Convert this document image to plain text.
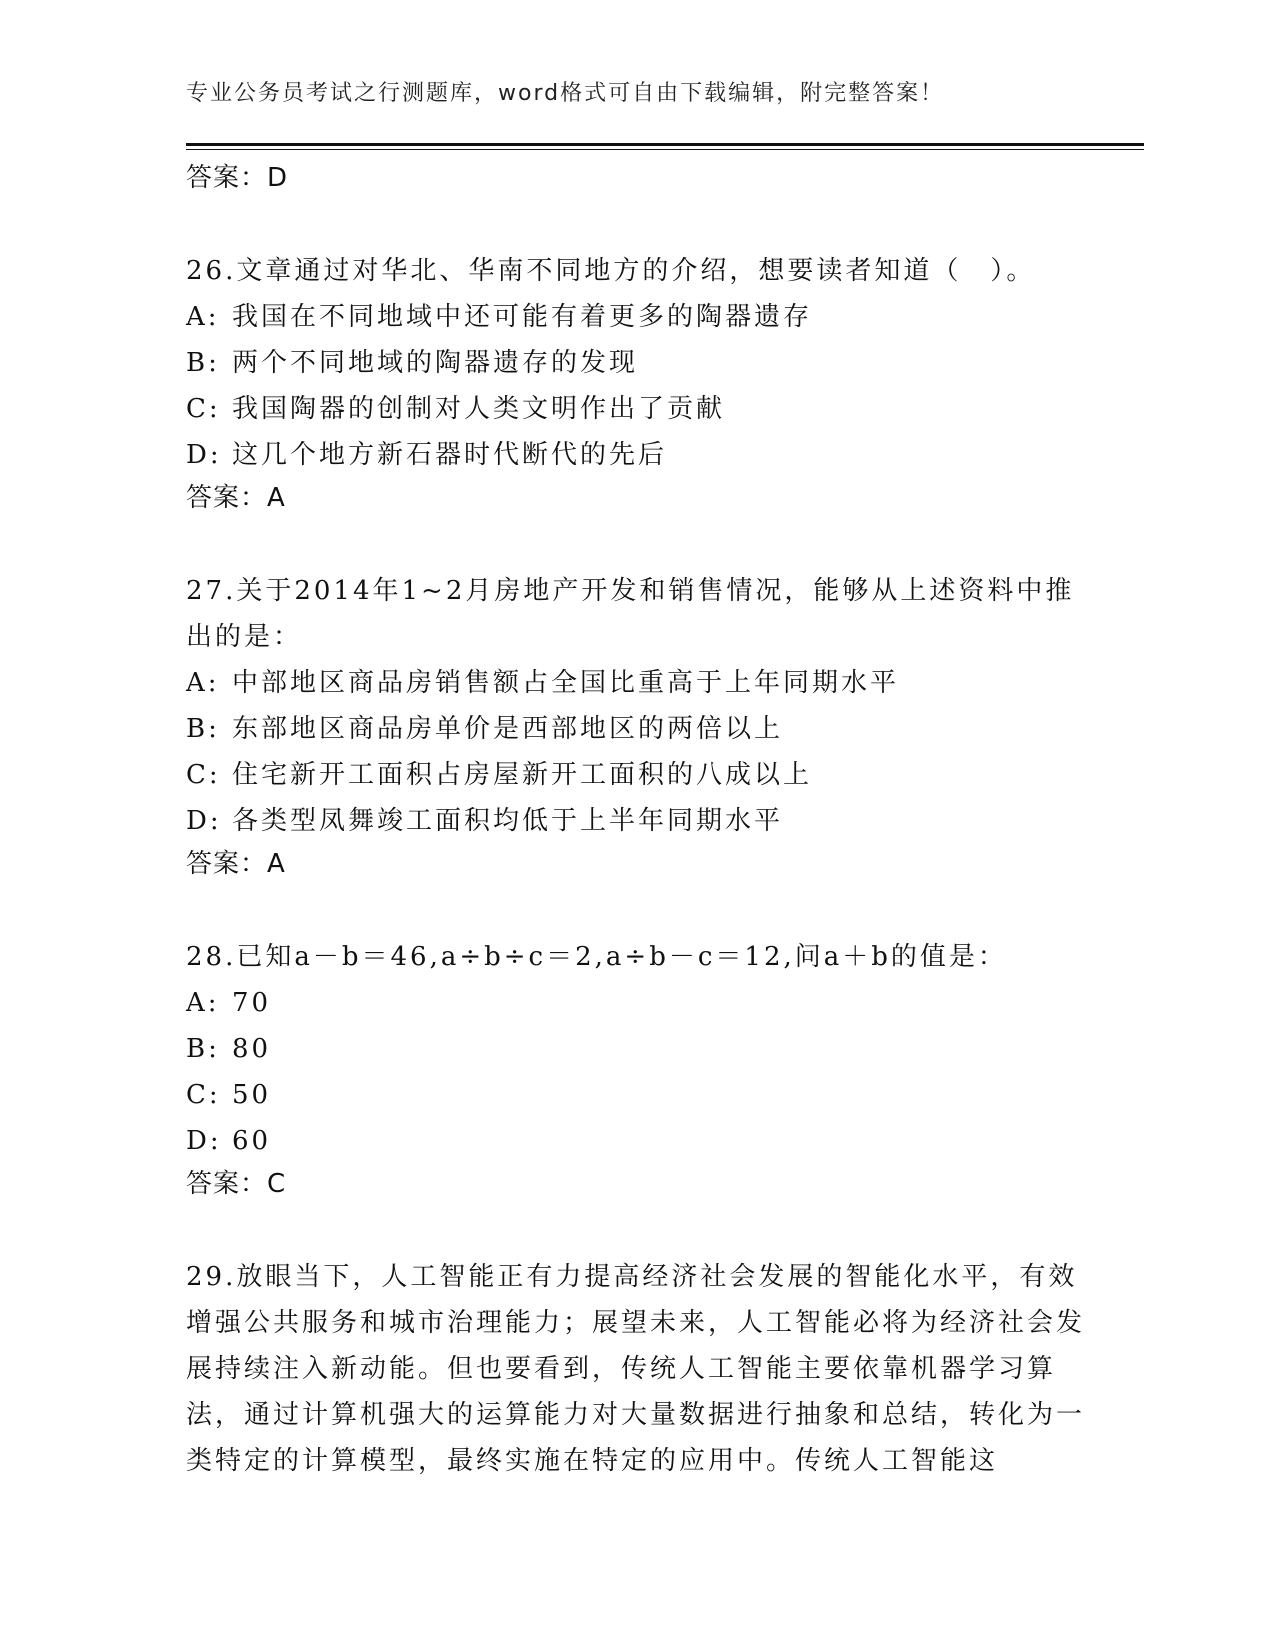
专业公务员考试之行测题库，word格式可自由下载编辑，附完整答案！
答案：D
26.文章通过对华北、华南不同地方的介绍，想要读者知道（　）。
A: 我国在不同地域中还可能有着更多的陶器遗存
B: 两个不同地域的陶器遗存的发现
C: 我国陶器的创制对人类文明作出了贡献
D: 这几个地方新石器时代断代的先后
答案：A
27.关于2014年1~2月房地产开发和销售情况，能够从上述资料中推出的是：
A: 中部地区商品房销售额占全国比重高于上年同期水平
B: 东部地区商品房单价是西部地区的两倍以上
C: 住宅新开工面积占房屋新开工面积的八成以上
D: 各类型凤舞竣工面积均低于上半年同期水平
答案：A
28.已知a－b＝46,a÷b÷c＝2,a÷b－c＝12,问a＋b的值是：
A: 70
B: 80
C: 50
D: 60
答案：C
29.放眼当下，人工智能正有力提高经济社会发展的智能化水平，有效增强公共服务和城市治理能力；展望未来，人工智能必将为经济社会发展持续注入新动能。但也要看到，传统人工智能主要依靠机器学习算法，通过计算机强大的运算能力对大量数据进行抽象和总结，转化为一类特定的计算模型，最终实施在特定的应用中。传统人工智能这
